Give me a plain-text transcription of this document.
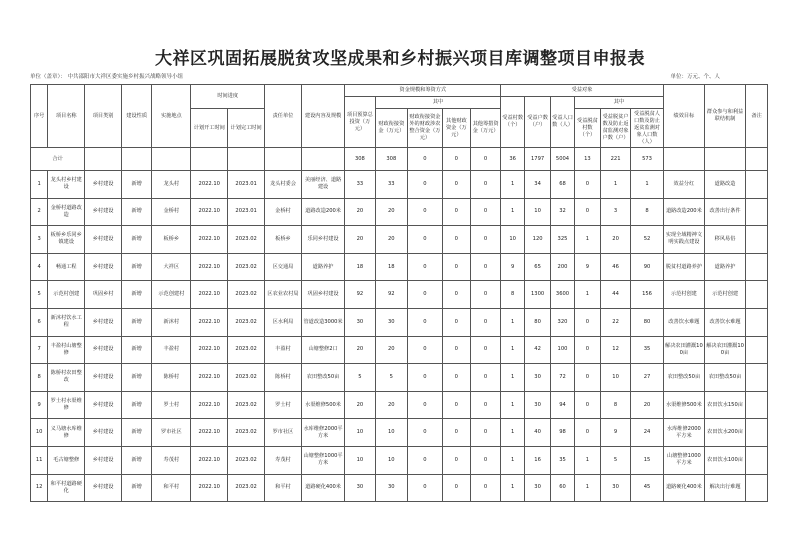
大祥区巩固拓展脱贫攻坚成果和乡村振兴项目库调整项目申报表
单位（盖章）： 中共邵阳市大祥区委实施乡村振兴战略领导小组	单位：万元、个、人
序号	项目名称	项目类别	建设性质	实施地点	时间进度		责任单位	建设内容及规模	资金规模和筹资方式					受益对象						绩效目标	群众参与和利益联结机制	备注
									项目预算总投资（万元）	其中				受益村数（个）	受益户数（户）	受益人口数（人）	其中					
					计划开工时间	计划完工时间				财政衔接资金（万元）	财政衔接资金外的财政涉农整合资金（万元）	其他财政资金（万元）	其他筹措资金（万元）				受益脱贫村数（个）	受益脱贫户数及防止返贫监测对象户数（户）	受益脱贫人口数及防止返贫监测对象人口数（人）			
合计									308	308	0	0	0	36	1797	5004	13	221	573			
1	龙头村乡村建设	乡村建设	新增	龙头村	2022.10	2023.01	龙头村委会	美丽经济、道路建设	33	33	0	0	0	1	34	68	0	1	1	效益分红	道路改造	
2	金桥村道路改造	乡村建设	新增	金桥村	2022.10	2023.01	金桥村	道路改造200米	20	20	0	0	0	1	10	32	0	3	8	道路改造200米	改善出行条件	
3	板桥乡乐同乡镇建设	乡村建设	新增	板桥乡	2022.10	2023.02	板桥乡	乐同乡村建设	20	20	0	0	0	10	120	325	1	20	52	实现全域精神文明实践点建设	移风易俗	
4	畅通工程	乡村建设	新增	大祥区	2022.10	2023.02	区交通局	道路养护	18	18	0	0	0	9	65	200	9	46	90	脱贫村道路养护	道路养护	
5	示范村创建	巩固乡村	新增	示范创建村	2022.10	2023.02	区农业农村局	巩固乡村建设	92	92	0	0	0	8	1300	3600	1	44	156	示范村创建	示范村创建	
6	新沐村饮水工程	乡村建设	新增	新沐村	2022.10	2023.02	区水利局	管道改造3000米	30	30	0	0	0	1	80	320	0	22	80	改善饮水难题	改善饮水难题	
7	丰盈村山塘整修	乡村建设	新增	丰盈村	2022.10	2023.02	丰盈村	山塘整修2口	20	20	0	0	0	1	42	100	0	12	35	解决农田灌溉100亩	解决农田灌溉100亩	
8	陈桥村农田整改	乡村建设	新增	陈桥村	2022.10	2023.02	陈桥村	农田整改50亩	5	5	0	0	0	1	30	72	0	10	27	农田整改50亩	农田整改50亩	
9	罗士村水渠维修	乡村建设	新增	罗士村	2022.10	2023.02	罗士村	水渠维修500米	20	20	0	0	0	1	30	94	0	8	20	水渠维修500米	农田饮水150亩	
10	义马塘水库维修	乡村建设	新增	罗市社区	2022.10	2023.02	罗市社区	水库维修2000平方米	10	10	0	0	0	1	40	98	0	9	24	水库维修2000平方米	农田饮水200亩	
11	毛古塘整修	乡村建设	新增	寿茂村	2022.10	2023.02	寿茂村	山塘整修1000平方米	10	10	0	0	0	1	16	35	1	5	15	山塘整修1000平方米	农田饮水100亩	
12	和平村道路硬化	乡村建设	新增	和平村	2022.10	2023.02	和平村	道路硬化400米	30	30	0	0	0	1	30	60	1	30	45	道路硬化400米	解决出行难题	
